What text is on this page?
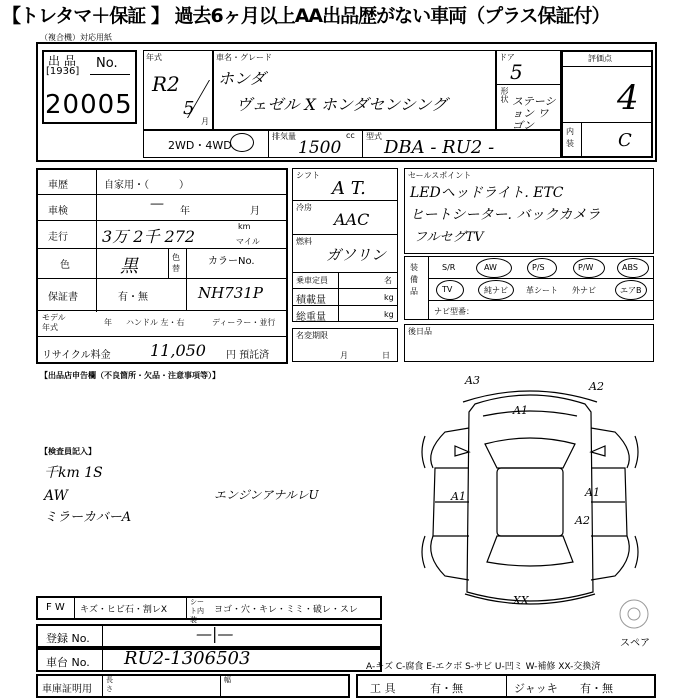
【トレタマ＋保証 】 過去6ヶ月以上AA出品歴がない車両（プラス保証付）
（複合機）対応用紙
出 品
[1936]
No.
20005
年式
R2
5
月
車名・グレード
ホンダ
ヴェゼル X ホンダセンシング
ドア
5
形状 ステーション ワゴン
評価点
4
内装 C
2WD・4WD
排気量
1500
cc 型式
DBA - RU2 -
車歴	自家用・（　　　）
車検	— 年	月
走行 3万 2千 272
km
マイル
色	黒	色替
カラーNo.
保証書	有・無	NH731P
モデル
年式
年 ハンドル 左・右	ディーラー・並行
リサイクル料金 11,050 円 預託済
シフト
A T.
冷房
AAC
燃料
ガソリン
乗車定員	名
積載量	kg
総重量	kg
名変期限
月	日
セールスポイント
LEDヘッドライト. ETC
ヒートシーター. バックカメラ
フルセグTV
装備品
S/R	AW	P/S	P/W	ABS
TV	純ナビ 革シート 外ナビ	エアB
ナビ型番：
後日品
【出品店申告欄（不良箇所・欠品・注意事項等）】
【検査員記入】
千km 1S
AW
ミラーカバーA
エンジンアナルレU
A3	A2
A1
A1	A1
A2
XX
スペア
F W キズ・ヒビ石・割レX
シート内装
ヨゴ・穴・キレ・ミミ・破レ・スレ
登録 No.	—|—
車台 No. RU2-1306503	A-キズ C-腐食 E-エクボ S-サビ U-凹ミ W-補修 XX-交換済
車庫証明用
長さ
幅
工 具	有・無	ジャッキ 有・無
